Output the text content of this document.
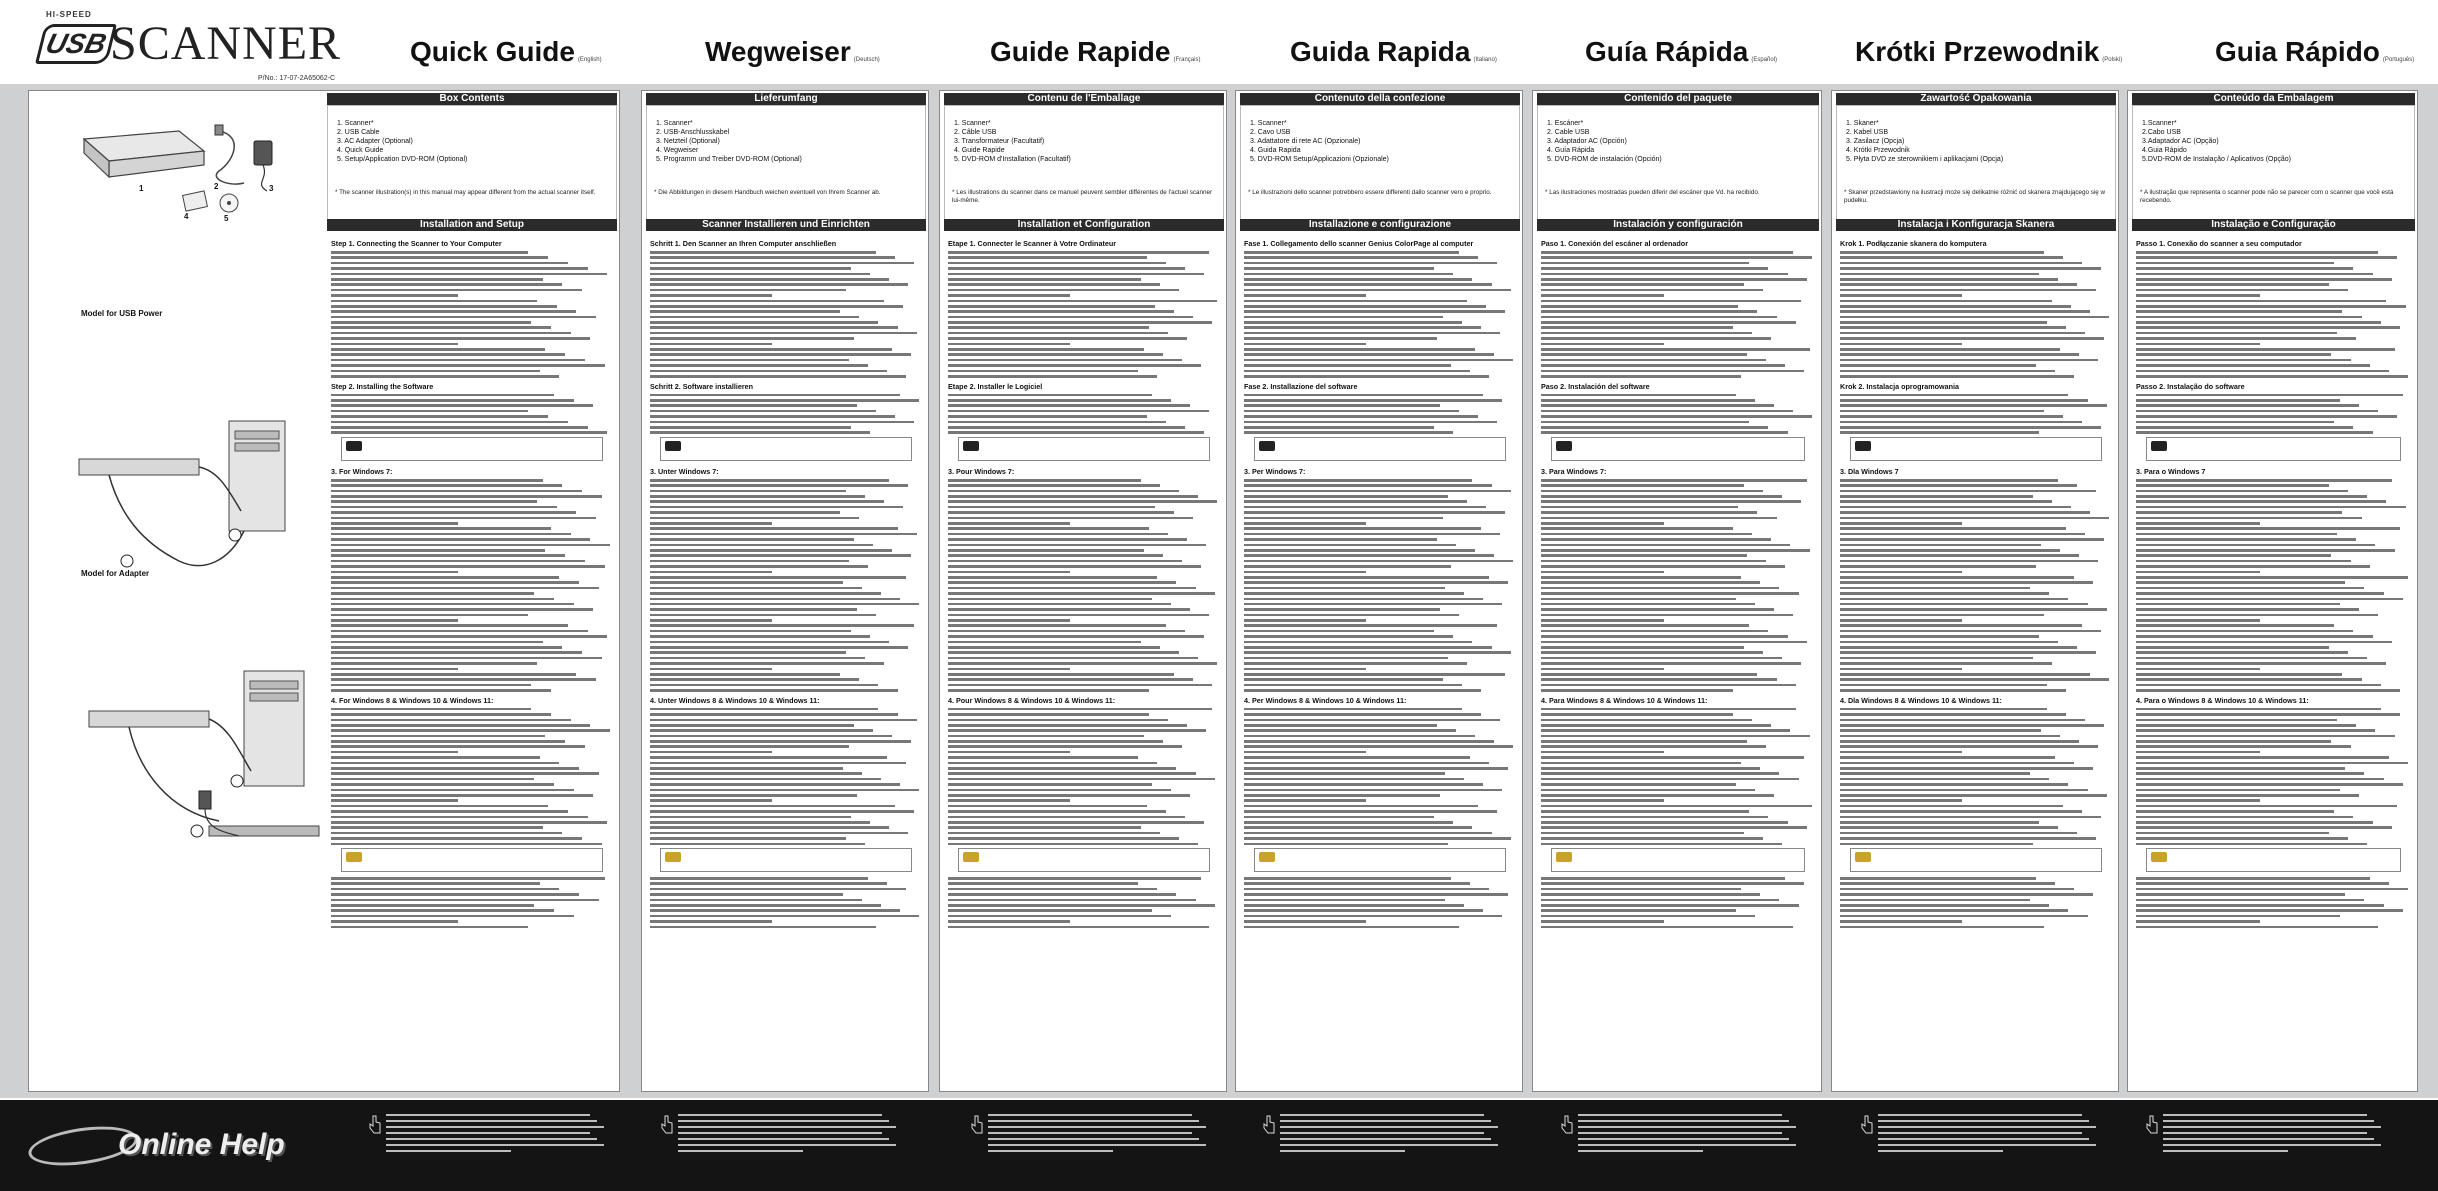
HI-SPEED
USB SCANNER
P/No.: 17-07-2A65062-C
Quick Guide (English)	Wegweiser (Deutsch)	Guide Rapide (Français)	Guida Rapida (Italiano)	Guía Rápida (Español)	Krótki Przewodnik (Polski)	Guia Rápido (Português)
Box Contents
1. Scanner*
2. USB Cable
3. AC Adapter (Optional)
4. Quick Guide
5. Setup/Application DVD-ROM (Optional)
* The scanner illustration(s) in this manual may appear different from the actual scanner itself.
Installation and Setup
Step 1. Connecting the Scanner to Your Computer
Step 2. Installing the Software
3. For Windows 7:
4. For Windows 8 & Windows 10 & Windows 11:
1	2	3
4	5
Model for USB Power
Model for Adapter
Lieferumfang
1. Scanner*
2. USB-Anschlusskabel
3. Netzteil (Optional)
4. Wegweiser
5. Programm und Treiber DVD-ROM (Optional)
* Die Abbildungen in diesem Handbuch weichen eventuell von Ihrem Scanner ab.
Scanner Installieren und Einrichten
Schritt 1. Den Scanner an Ihren Computer anschließen
Schritt 2. Software installieren
3. Unter Windows 7:
4. Unter Windows 8 & Windows 10 & Windows 11:
Contenu de l'Emballage
1. Scanner*
2. Câble USB
3. Transformateur (Facultatif)
4. Guide Rapide
5. DVD-ROM d'Installation (Facultatif)
* Les illustrations du scanner dans ce manuel peuvent sembler différentes de l'actuel scanner lui-même.
Installation et Configuration
Etape 1. Connecter le Scanner à Votre Ordinateur
Etape 2. Installer le Logiciel
3. Pour Windows 7:
4. Pour Windows 8 & Windows 10 & Windows 11:
Contenuto della confezione
1. Scanner*
2. Cavo USB
3. Adattatore di rete AC (Opzionale)
4. Guida Rapida
5. DVD-ROM Setup/Applicazioni (Opzionale)
* Le illustrazioni dello scanner potrebbero essere differenti dallo scanner vero e proprio.
Installazione e configurazione
Fase 1. Collegamento dello scanner Genius ColorPage al computer
Fase 2. Installazione del software
3. Per Windows 7:
4. Per Windows 8 & Windows 10 & Windows 11:
Contenido del paquete
1. Escáner*
2. Cable USB
3. Adaptador AC (Opción)
4. Guía Rápida
5. DVD-ROM de instalación (Opción)
* Las ilustraciones mostradas pueden diferir del escáner que Vd. ha recibido.
Instalación y configuración
Paso 1. Conexión del escáner al ordenador
Paso 2. Instalación del software
3. Para Windows 7:
4. Para Windows 8 & Windows 10 & Windows 11:
Zawartość Opakowania
1. Skaner*
2. Kabel USB
3. Zasilacz (Opcja)
4. Krótki Przewodnik
5. Płyta DVD ze sterownikiem i aplikacjami (Opcja)
* Skaner przedstawiony na ilustracji może się delikatnie różnić od skanera znajdującego się w pudełku.
Instalacja i Konfiguracja Skanera
Krok 1. Podłączanie skanera do komputera
Krok 2. Instalacja oprogramowania
3. Dla Windows 7
4. Dla Windows 8 & Windows 10 & Windows 11:
Conteúdo da Embalagem
1.Scanner*
2.Cabo USB
3.Adaptador AC (Opção)
4.Guia Rápido
5.DVD-ROM de Instalação / Aplicativos (Opção)
* A ilustração que representa o scanner pode não se parecer com o scanner que você está recebendo.
Instalação e Configuração
Passo 1. Conexão do scanner a seu computador
Passo 2. Instalação do software
3. Para o Windows 7
4. Para o Windows 8 & Windows 10 & Windows 11:
Online Help
